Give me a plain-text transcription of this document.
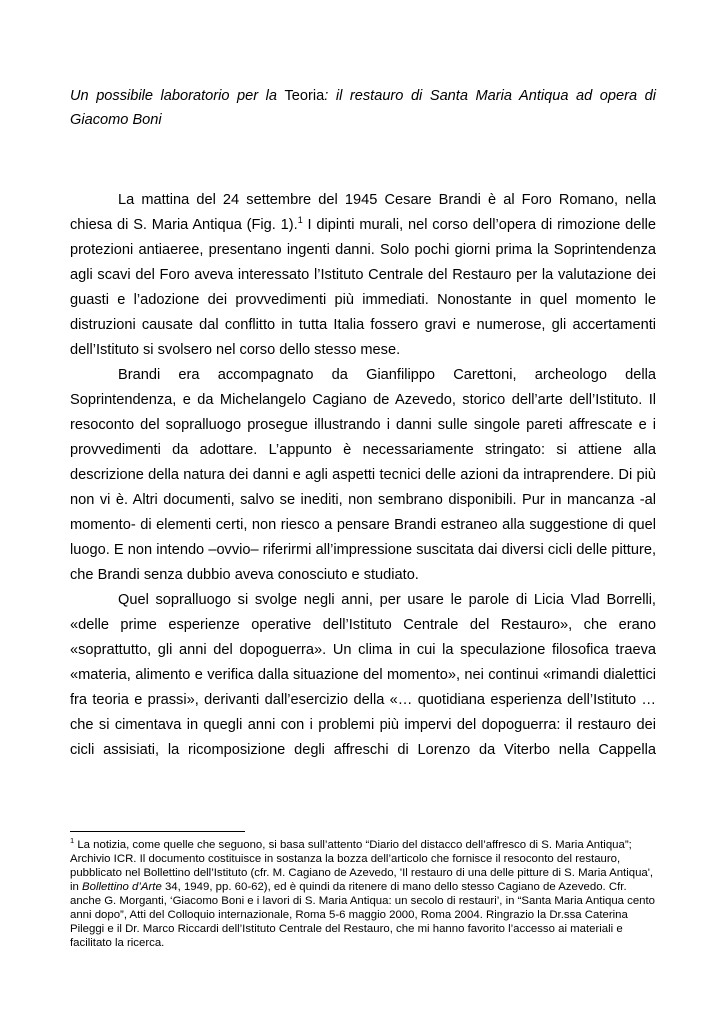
Un possibile laboratorio per la Teoria: il restauro di Santa Maria Antiqua ad opera di Giacomo Boni

La mattina del 24 settembre del 1945 Cesare Brandi è al Foro Romano, nella chiesa di S. Maria Antiqua (Fig. 1).$^1$ I dipinti murali, nel corso dell’opera di rimozione delle protezioni antiaeree, presentano ingenti danni. Solo pochi giorni prima la Soprintendenza agli scavi del Foro aveva interessato l’Istituto Centrale del Restauro per la valutazione dei guasti e l’adozione dei provvedimenti più immediati. Nonostante in quel momento le distruzioni causate dal conflitto in tutta Italia fossero gravi e numerose, gli accertamenti dell’Istituto si svolsero nel corso dello stesso mese.

Brandi era accompagnato da Gianfilippo Carettoni, archeologo della Soprintendenza, e da Michelangelo Cagiano de Azevedo, storico dell’arte dell’Istituto. Il resoconto del sopralluogo prosegue illustrando i danni sulle singole pareti affrescate e i provvedimenti da adottare. L’appunto è necessariamente stringato: si attiene alla descrizione della natura dei danni e agli aspetti tecnici delle azioni da intraprendere. Di più non vi è. Altri documenti, salvo se inediti, non sembrano disponibili. Pur in mancanza -al momento- di elementi certi, non riesco a pensare Brandi estraneo alla suggestione di quel luogo. E non intendo –ovvio– riferirmi all’impressione suscitata dai diversi cicli delle pitture, che Brandi senza dubbio aveva conosciuto e studiato.

Quel sopralluogo si svolge negli anni, per usare le parole di Licia Vlad Borrelli, «delle prime esperienze operative dell’Istituto Centrale del Restauro», che erano «soprattutto, gli anni del dopoguerra». Un clima in cui la speculazione filosofica traeva «materia, alimento e verifica dalla situazione del momento», nei continui «rimandi dialettici fra teoria e prassi», derivanti dall’esercizio della «… quotidiana esperienza dell’Istituto … che si cimentava in quegli anni con i problemi più impervi del dopoguerra: il restauro dei cicli assisiati, la ricomposizione degli affreschi di Lorenzo da Viterbo nella Cappella

$^1$ La notizia, come quelle che seguono, si basa sull’attento “Diario del distacco dell’affresco di S. Maria Antiqua”; Archivio ICR. Il documento costituisce in sostanza la bozza dell’articolo che fornisce il resoconto del restauro, pubblicato nel Bollettino dell’Istituto (cfr. M. Cagiano de Azevedo, 'Il restauro di una delle pitture di S. Maria Antiqua', in Bollettino d’Arte 34, 1949, pp. 60-62), ed è quindi da ritenere di mano dello stesso Cagiano de Azevedo. Cfr. anche G. Morganti, ‘Giacomo Boni e i lavori di S. Maria Antiqua: un secolo di restauri’, in “Santa Maria Antiqua cento anni dopo”, Atti del Colloquio internazionale, Roma 5-6 maggio 2000, Roma 2004. Ringrazio la Dr.ssa Caterina Pileggi e il Dr. Marco Riccardi dell’Istituto Centrale del Restauro, che mi hanno favorito l’accesso ai materiali e facilitato la ricerca.
